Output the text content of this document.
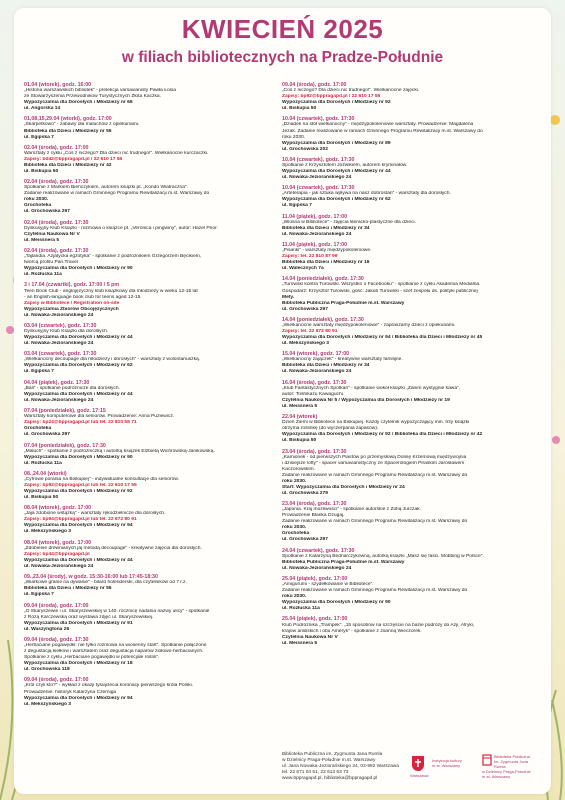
KWIECIEŃ 2025
w filiach bibliotecznych na Pradze-Południe
01.04 (wtorek), godz. 16:00
„Historia warszawskich bibliotek” - prelekcja varsavianisty Pawła Łosia
ze Stowarzyszenia Przewodników Turystycznych Złota Kaczka.
Wypożyczalnia dla Dorosłych i Młodzieży nr 66
ul. Angorska 14
01,08,15,29.04 (wtorki), godz. 17:00
„Skarpetkowo” - zabawy dla maluchów z opiekunami.
Biblioteka dla Dzieci i Młodzieży nr 55
ul. Egipska 7
02.04 (środa), godz. 17:00
Warsztaty z cyklu „Coś z niczego? Dla dzieci nic trudnego!”. Wielkanocne kurczaczki.
Zapisy: bd42@bppragapd.pl / 22 610 17 55
Biblioteka dla Dzieci i Młodzieży nr 42
ul. Biskupia 50
02.04 (środa), godz. 17:30
Spotkanie z Markiem Bieńczykiem, autorem książki pt. „Kondo Wiatraczna”.
Zadanie realizowane w ramach Gminnego Programu Rewitalizacji m.st. Warszawy do
roku 2030.
Grochoteka
ul. Grochowska 297
02.04 (środa), godz. 17:30
Dyskusyjny Klub Książki - rozmowa o książce pt. „Veronica i pingwiny”, autor: Hazel Prior.
Czytelnia Naukowa Nr V
ul. Meissnera 5
02.04 (środa), godz. 17:30
„Tajlandia. Azjatycka egzotyka” - spotkanie z podróżnikiem Grzegorzem Bęcikiem,
twórcą profilu Pan.Travel
Wypożyczalnia dla Dorosłych i Młodzieży nr 90
ul. Rozłucka 11a
3 i 17.04 (czwartki), godz. 17:00 / 5 pm
Teen Book Club - anglojęzyczny klub książkowy dla młodzieży w wieku 12-15 lat
- an English-language book club for teens aged 12-15.
Zapisy w Bibliotece / Registration on-site
Wypożyczalnia Zbiorów Obcojęzycznych
ul. Nowaka-Jeziorańskiego 24
03.04 (czwartek), godz. 17:30
Dyskusyjny Klub Książki dla dorosłych.
Wypożyczalnia dla Dorosłych i Młodzieży nr 44
ul. Nowaka-Jeziorańskiego 24
03.04 (czwartek), godz. 17:30
„Wielkanocny decoupage dla młodzieży i dorosłych” - warsztaty z wolontariuszką.
Wypożyczalnia dla Dorosłych i Młodzieży nr 62
ul. Egipska 7
04.04 (piątek), godz. 17:30
„Bali” - spotkanie podróżnicze dla dorosłych.
Wypożyczalnia dla Dorosłych i Młodzieży nr 44
ul. Nowaka-Jeziorańskiego 24
07.04 (poniedziałek), godz. 17:15
Warsztaty komputerowe dla seniorów. Prowadzenie: Anna Puziewicz.
Zapisy: bp24@bppragapd.pl lub tel. 22 810 58 71
Grochoteka
ul. Grochowska 297
07.04 (poniedziałek), godz. 17:30
„Maluch” - spotkanie z podróżniczką i autorką książek Elżbietą Wichrowską-Janikowską.
Wypożyczalnia dla Dorosłych i Młodzieży nr 90
ul. Rozłucka 11a
08.,24.04 (wtorki)
„Cyfrowe porania na Biskupiej” - indywidualne konsultacje dla seniorów.
Zapisy: bp92@bppragapd.pl lub tel. 22 610 17 55
Wypożyczalnia dla Dorosłych i Młodzieży nr 92
ul. Biskupia 50
08.04 (wtorek), godz. 17:00
„Jaja zdobione wstążką” - warsztaty rękodzielnicze dla dorosłych.
Zapisy: bp94@bppragapd.pl lub tel. 22 672 80 91
Wypożyczalnia dla Dorosłych i Młodzieży nr 94
ul. Mekszyńskiego 3
08.04 (wtorek), godz. 17:00
„Zdobienie drewnianych jaj metodą decoupage” - kreatywne zajęcia dla dorosłych.
Zapisy: bp44@bppragapd.pl
Wypożyczalnia dla Dorosłych i Młodzieży nr 44
ul. Nowaka-Jeziorańskiego 24
09.,23.04 (środy), w godz. 15:30-16:00 lub 17:45-18:30
„Wiarkowe granie na dywanie” - bilard holenderski, dla czytelników od 7 r.ż.
Biblioteka dla Dzieci i Młodzieży nr 55
ul. Egipska 7
09.04 (środa), godz. 17:00
„O Skaryszewie i ul. Skaryszewskiej w 140. rocznicę nadania nazwy ulicy” - spotkanie
z Różą Karczewską oraz wystawa zdjęć ul. Skaryszewskiej.
Wypożyczalnia dla Dorosłych i Młodzieży nr 91
ul. Waszyngtona 26
09.04 (środa), godz. 17:30
„Herbaciane pogawędki: nie tylko rozmowa na wiosenny start”. Spotkanie połączone
z degustacją kiełków i warsztatem oraz degustacja naparów ziołowo-herbacianych.
Spotkanie z cyklu „Herbaciane pogawędki w potencjale roślin”.
Wypożyczalnia dla Dorosłych i Młodzieży nr 18
ul. Grochowska 118
09.04 (środa), godz. 17:00
„Król czyli kto?” - wykład z okazji tysiąclecia koronacji pierwszego króla Polski.
Prowadzenie: historyk Katarzyna Czerniga
Wypożyczalnia dla Dorosłych i Młodzieży nr 94
ul. Mekszyńskiego 3
09.04 (środa), godz. 17:00
„Coś z niczego? Dla dzieci nic trudnego!”. Wielkanocne zajęcki.
Zapisy: bp92@bppragapd.pl / 22 610 17 55
Wypożyczalnia dla Dorosłych i Młodzieży nr 92
ul. Biskupia 50
10.04 (czwartek), godz. 17:30
„Dziadek na stół wielkanocny” - międzypokoleniowe warsztaty. Prowadzenie: Magdalena
Jeżak. Zadanie realizowane w ramach Gminnego Programu Rewitalizacji m.st. Warszawy do
roku 2030.
Wypożyczalnia dla Dorosłych i Młodzieży nr 89
ul. Grochowska 202
10.04 (czwartek), godz. 17:30
Spotkanie z Krzysztofem Jóźwikiem, autorem kryminałów.
Wypożyczalnia dla Dorosłych i Młodzieży nr 44
ul. Nowaka-Jeziorańskiego 24
10.04 (czwartek), godz. 17:30
„Arteterapia - jak sztuka wpływa na nasz dobrostan” - warsztaty dla dorosłych.
Wypożyczalnia dla Dorosłych i Młodzieży nr 62
ul. Egipska 7
11.04 (piątek), godz. 17:00
„Wiosna w Bibliotece” - zajęcia literacko-plastyczne dla dzieci.
Biblioteka dla Dzieci i Młodzieży nr 34
ul. Nowaka-Jeziorańskiego 24
11.04 (piątek), godz. 17:00
„Pisanki” - warsztaty międzypokoleniowe.
Zapisy: tel. 22 810 87 99
Biblioteka dla Dzieci i Młodzieży nr 16
ul. Walecznych 7a
14.04 (poniedziałek), godz. 17:30
„Turowski kontra Turowski. Wszystko o Facebooku” - spotkanie z cyklu Akademia Medialna.
Gospodarz: Krzysztof Turowski, gość: Jakub Turowski - szef zespołu ds. polityki publicznej
Mety.
Biblioteka Publiczna Praga-Południe m.st. Warszawy
ul. Grochowska 297
14.04 (poniedziałek), godz. 17:30
„Wielkanocne warsztaty międzypokoleniowe” - zapraszamy dzieci z opiekunami.
Zapisy: tel. 22 672 80 91
Wypożyczalnia dla Dorosłych i Młodzieży nr 94 / Biblioteka dla Dzieci i Młodzieży nr 45
ul. Mekszyńskiego 3
15.04 (wtorek), godz. 17:00
„Wielkanocny zajączek” - kreatywne warsztaty familijne.
Biblioteka dla Dzieci i Młodzieży nr 34
ul. Nowaka-Jeziorańskiego 24
16.04 (środa), godz. 17:30
„Klub Fantastycznych Spotkań” - spotkanie wokół książki „Zanim wystygnie kawa”,
autor: Toshikazu Kawaguchi.
Czytelnia Naukowa Nr 5 / Wypożyczalnia dla Dorosłych i Młodzieży nr 19
ul. Meissnera 5
22.04 (wtorek)
Dzień Ziemi w Bibliotece na Biskupiej. Każdy czytelnik wypożyczający min. trzy książki
otrzyma roślinkę (do wyczerpania zapasów).
Wypożyczalnia dla Dorosłych i Młodzieży nr 92 / Biblioteka dla Dzieci i Młodzieży nr 42
ul. Biskupia 50
23.04 (środa), godz. 17:30
„Kamionek - od pierwszych Piastów po przemysłową Dolinę Krzemową międzywojnia
i dzisiejsze lofty” - spacer varsavianistyczny ze Spacerologiem Piraskim Jarosławem
Kaczorowskim.
Zadanie realizowane w ramach Gminnego Programu Rewitalizacji m.st. Warszawy do
roku 2030.
Start: Wypożyczalnia dla Dorosłych i Młodzieży nr 24
ul. Grochowska 279
23.04 (środa), godz. 17:30
„Japonia. Kraj możliwości” - spotkanie autorskie z Zofią Jurczak.
Prowadzenie Blanka Dżugaj.
Zadanie realizowane w ramach Gminnego Programu Rewitalizacji m.st. Warszawy do
roku 2030.
Grochoteka
ul. Grochowska 297
24.04 (czwartek), godz. 17:30
Spotkanie z Katarzyną Bednarczykówną, autorką książki „Masz się faści. Mobbing w Polsce”.
Biblioteka Publiczna Praga-Południe m.st. Warszawy
ul. Nowaka-Jeziorańskiego 24
25.04 (piątek), godz. 17:00
„Amigurumi - szydełkowanie w Bibliotece”.
Zadanie realizowane w ramach Gminnego Programu Rewitalizacji m.st. Warszawy do
roku 2030.
Wypożyczalnia dla Dorosłych i Młodzieży nr 90
ul. Rozłucka 11a
25.04 (piątek), godz. 17:00
Klub Podróżnika „Trampek”. „15 sposobów na szczęście na bazie podróży do Azji, Afryki,
krajów arabskich i obu Ameryk” - spotkanie z Joanną Wieczorek.
Czytelnia Naukowa Nr V
ul. Meissnera 5
Biblioteka Publiczna im. Zygmunta Jana Rumla
w Dzielnicy Praga-Południe m.st. Warszawy
ul. Jana Nowaka-Jeziorańskiego 24, 03-982 Warszawa
tel. 22 671 04 51, 22 613 63 73
www.bppragapd.pl, biblioteka@bppragapd.pl
Warszawa
Instytucja kultury
m.st. Warszawy
Biblioteka Publiczna
im. Zygmunta Jana Rumla
w Dzielnicy Praga-Południe
m.st. Warszawy
